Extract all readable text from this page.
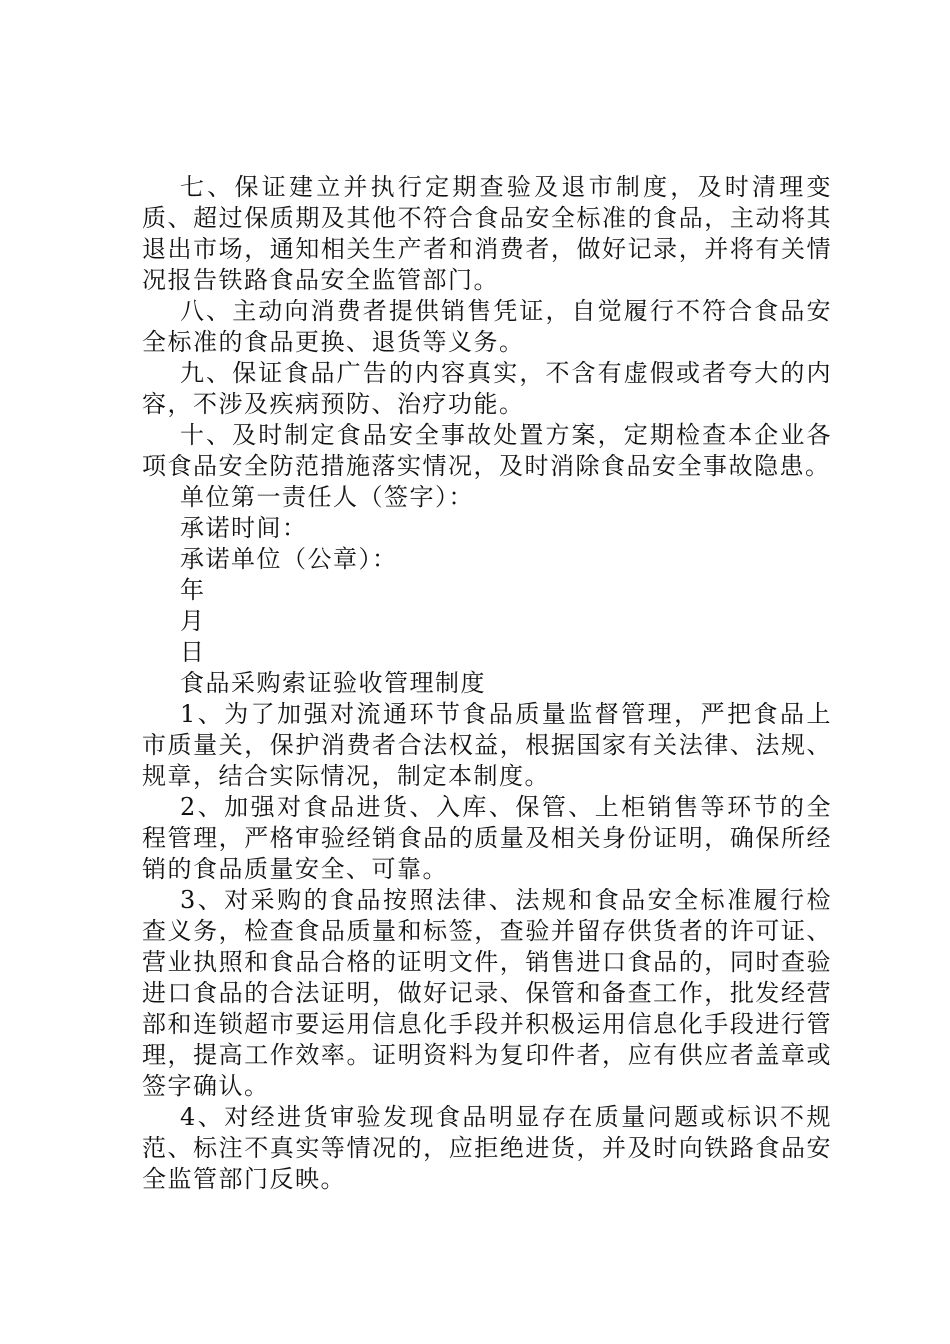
七、保证建立并执行定期查验及退市制度，及时清理变质、超过保质期及其他不符合食品安全标准的食品，主动将其退出市场，通知相关生产者和消费者，做好记录，并将有关情况报告铁路食品安全监管部门。

八、主动向消费者提供销售凭证，自觉履行不符合食品安全标准的食品更换、退货等义务。

九、保证食品广告的内容真实，不含有虚假或者夸大的内容，不涉及疾病预防、治疗功能。

十、及时制定食品安全事故处置方案，定期检查本企业各项食品安全防范措施落实情况，及时消除食品安全事故隐患。

单位第一责任人（签字）：

承诺时间：

承诺单位（公章）：

年

月

日

食品采购索证验收管理制度

1、为了加强对流通环节食品质量监督管理，严把食品上市质量关，保护消费者合法权益，根据国家有关法律、法规、规章，结合实际情况，制定本制度。

2、加强对食品进货、入库、保管、上柜销售等环节的全程管理，严格审验经销食品的质量及相关身份证明，确保所经销的食品质量安全、可靠。

3、对采购的食品按照法律、法规和食品安全标准履行检查义务，检查食品质量和标签，查验并留存供货者的许可证、营业执照和食品合格的证明文件，销售进口食品的，同时查验进口食品的合法证明，做好记录、保管和备查工作，批发经营部和连锁超市要运用信息化手段并积极运用信息化手段进行管理，提高工作效率。证明资料为复印件者，应有供应者盖章或签字确认。

4、对经进货审验发现食品明显存在质量问题或标识不规范、标注不真实等情况的，应拒绝进货，并及时向铁路食品安全监管部门反映。
